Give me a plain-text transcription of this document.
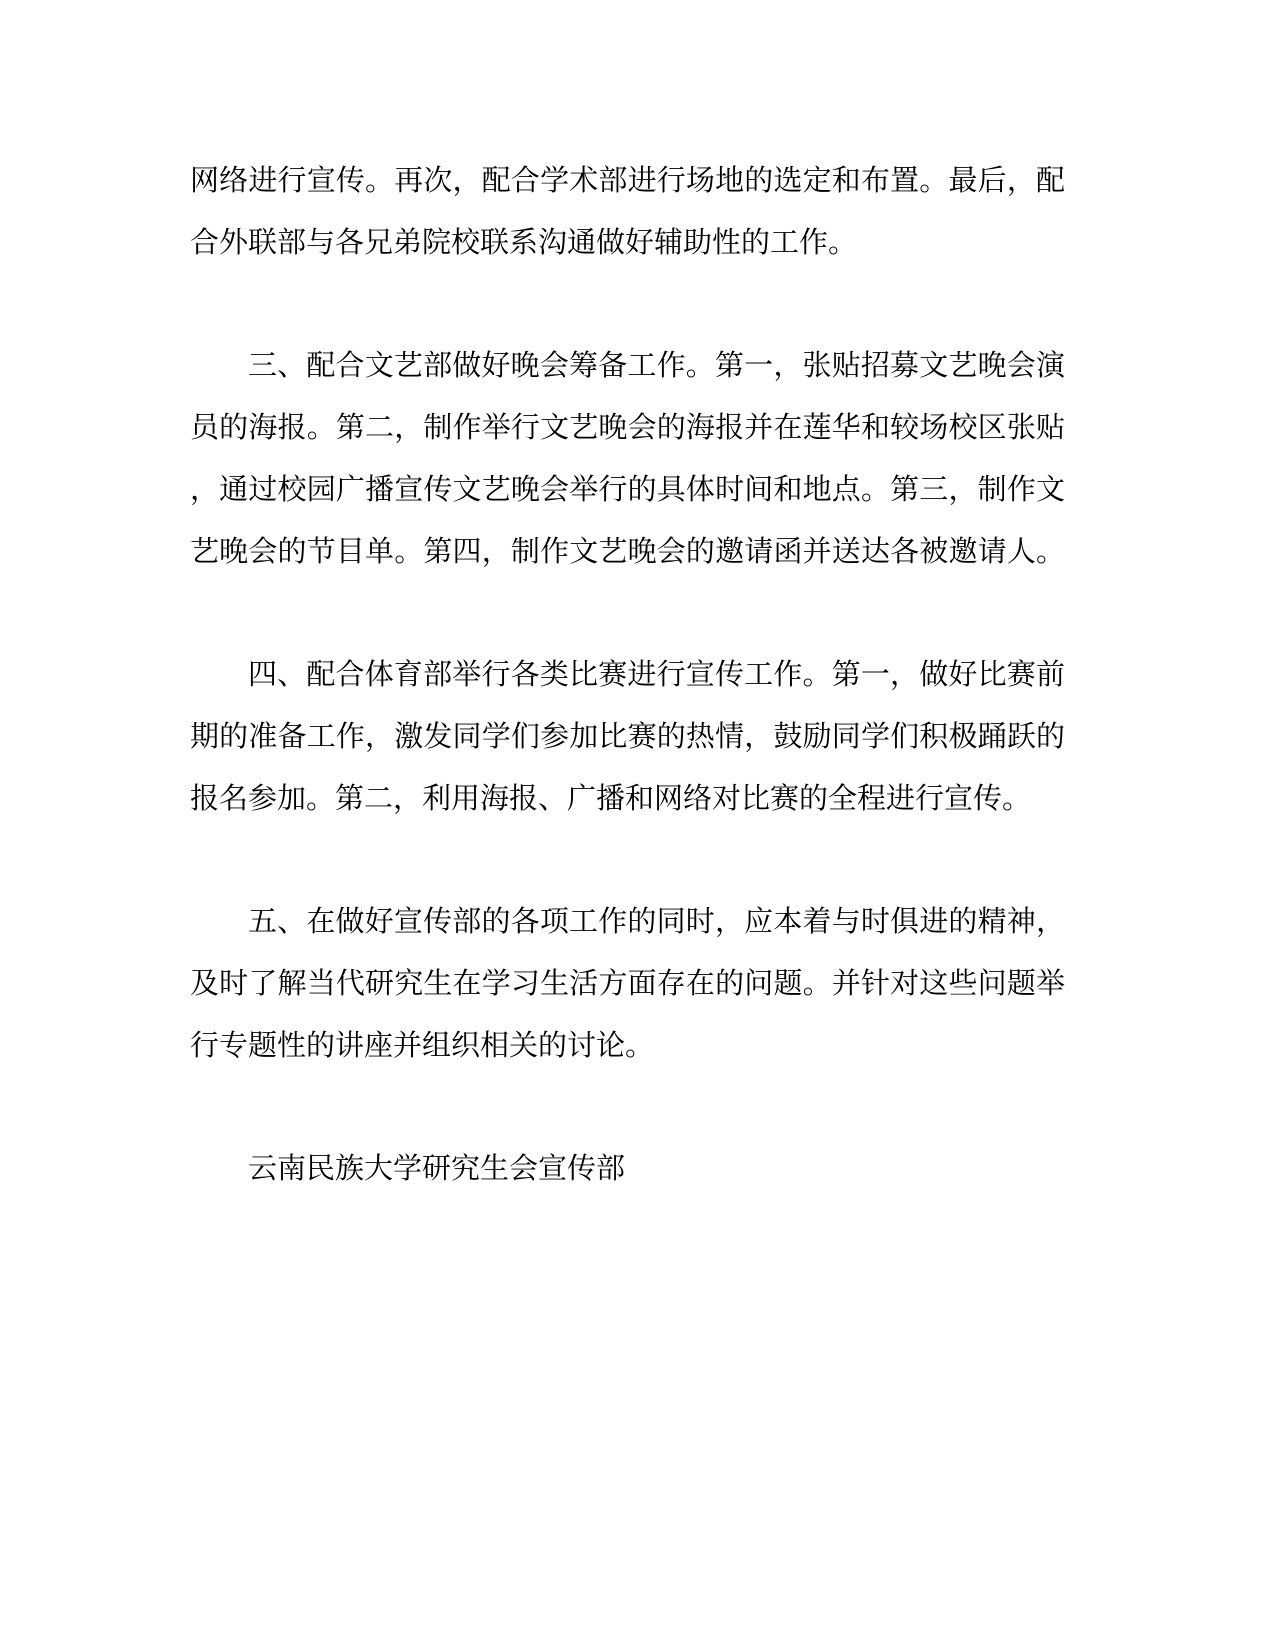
网络进行宣传。再次，配合学术部进行场地的选定和布置。最后，配
合外联部与各兄弟院校联系沟通做好辅助性的工作。
三、配合文艺部做好晚会筹备工作。第一，张贴招募文艺晚会演
员的海报。第二，制作举行文艺晚会的海报并在莲华和较场校区张贴
，通过校园广播宣传文艺晚会举行的具体时间和地点。第三，制作文
艺晚会的节目单。第四，制作文艺晚会的邀请函并送达各被邀请人。
四、配合体育部举行各类比赛进行宣传工作。第一，做好比赛前
期的准备工作，激发同学们参加比赛的热情，鼓励同学们积极踊跃的
报名参加。第二，利用海报、广播和网络对比赛的全程进行宣传。
五、在做好宣传部的各项工作的同时，应本着与时俱进的精神，
及时了解当代研究生在学习生活方面存在的问题。并针对这些问题举
行专题性的讲座并组织相关的讨论。
云南民族大学研究生会宣传部
